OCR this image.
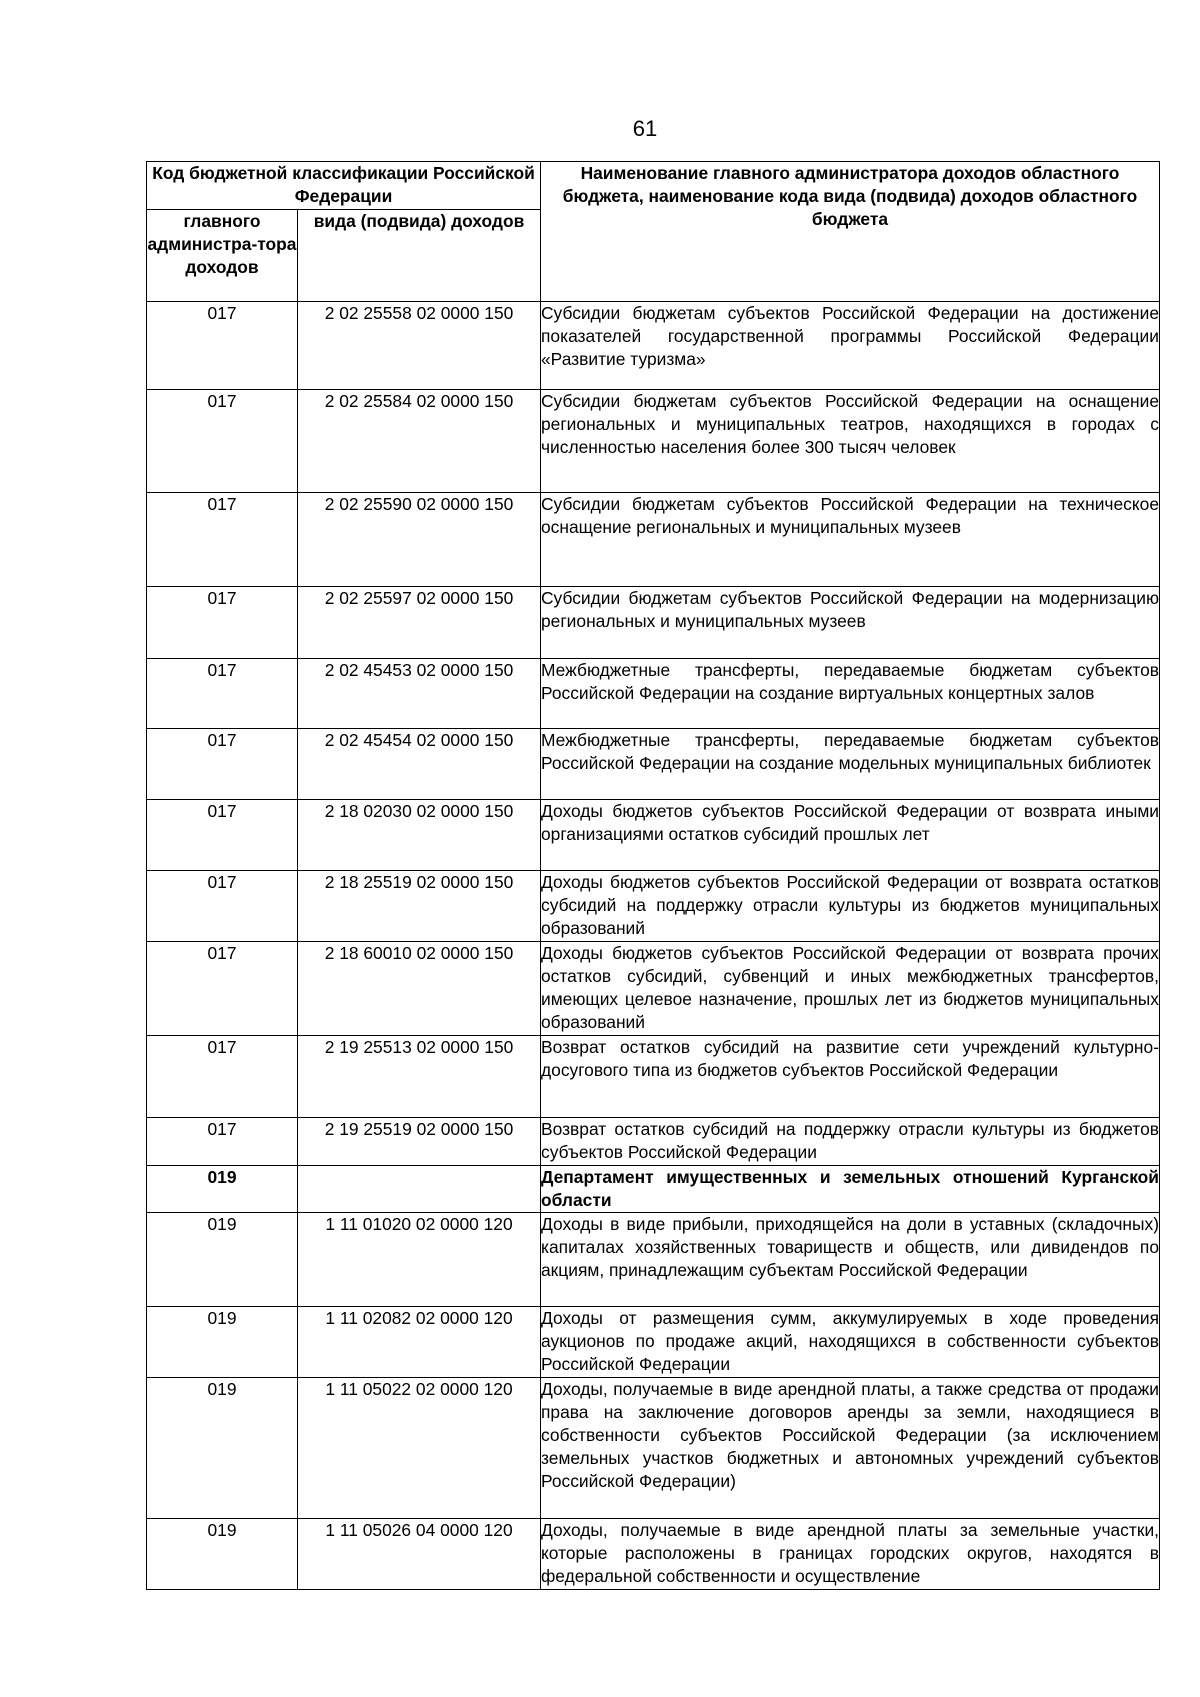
61
Код бюджетной классификации Российской Федерации		Наименование главного администратора доходов областного бюджета, наименование кода вида (подвида) доходов областного бюджета
главного администра-тора доходов	вида (подвида) доходов	
017	2 02 25558 02 0000 150	Субсидии бюджетам субъектов Российской Федерации на достижение показателей государственной программы Российской Федерации «Развитие туризма»
017	2 02 25584 02 0000 150	Субсидии бюджетам субъектов Российской Федерации на оснащение региональных и муниципальных театров, находящихся в городах с численностью населения более 300 тысяч человек
017	2 02 25590 02 0000 150	Субсидии бюджетам субъектов Российской Федерации на техническое оснащение региональных и муниципальных музеев
017	2 02 25597 02 0000 150	Субсидии бюджетам субъектов Российской Федерации на модернизацию региональных и муниципальных музеев
017	2 02 45453 02 0000 150	Межбюджетные трансферты, передаваемые бюджетам субъектов Российской Федерации на создание виртуальных концертных залов
017	2 02 45454 02 0000 150	Межбюджетные трансферты, передаваемые бюджетам субъектов Российской Федерации на создание модельных муниципальных библиотек
017	2 18 02030 02 0000 150	Доходы бюджетов субъектов Российской Федерации от возврата иными организациями остатков субсидий прошлых лет
017	2 18 25519 02 0000 150	Доходы бюджетов субъектов Российской Федерации от возврата остатков субсидий на поддержку отрасли культуры из бюджетов муниципальных образований
017	2 18 60010 02 0000 150	Доходы бюджетов субъектов Российской Федерации от возврата прочих остатков субсидий, субвенций и иных межбюджетных трансфертов, имеющих целевое назначение, прошлых лет из бюджетов муниципальных образований
017	2 19 25513 02 0000 150	Возврат остатков субсидий на развитие сети учреждений культурно-досугового типа из бюджетов субъектов Российской Федерации
017	2 19 25519 02 0000 150	Возврат остатков субсидий на поддержку отрасли культуры из бюджетов субъектов Российской Федерации
019		Департамент имущественных и земельных отношений Курганской области
019	1 11 01020 02 0000 120	Доходы в виде прибыли, приходящейся на доли в уставных (складочных) капиталах хозяйственных товариществ и обществ, или дивидендов по акциям, принадлежащим субъектам Российской Федерации
019	1 11 02082 02 0000 120	Доходы от размещения сумм, аккумулируемых в ходе проведения аукционов по продаже акций, находящихся в собственности субъектов Российской Федерации
019	1 11 05022 02 0000 120	Доходы, получаемые в виде арендной платы, а также средства от продажи права на заключение договоров аренды за земли, находящиеся в собственности субъектов Российской Федерации (за исключением земельных участков бюджетных и автономных учреждений субъектов Российской Федерации)
019	1 11 05026 04 0000 120	Доходы, получаемые в виде арендной платы за земельные участки, которые расположены в границах городских округов, находятся в федеральной собственности и осуществление
